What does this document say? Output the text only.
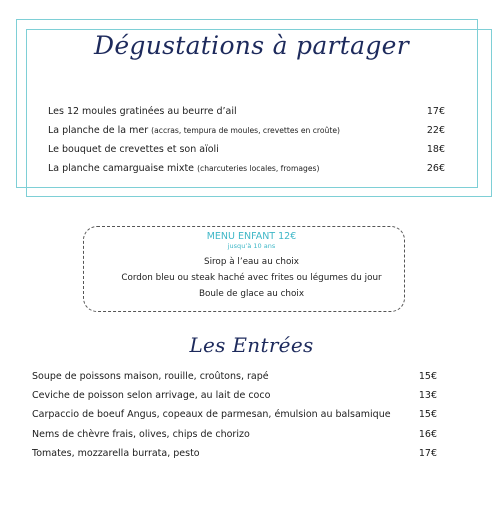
Dégustations à partager
Les 12 moules gratinées au beurre d’ail	17€
La planche de la mer (accras, tempura de moules, crevettes en croûte)	22€
Le bouquet de crevettes et son aïoli	18€
La planche camarguaise mixte (charcuteries locales, fromages)	26€
MENU ENFANT 12€
jusqu’à 10 ans
Sirop à l’eau au choix
Cordon bleu ou steak haché avec frites ou légumes du jour
Boule de glace au choix
Les Entrées
Soupe de poissons maison, rouille, croûtons, rapé	15€
Ceviche de poisson selon arrivage, au lait de coco	13€
Carpaccio de boeuf Angus, copeaux de parmesan, émulsion au balsamique	15€
Nems de chèvre frais, olives, chips de chorizo	16€
Tomates, mozzarella burrata, pesto	17€
